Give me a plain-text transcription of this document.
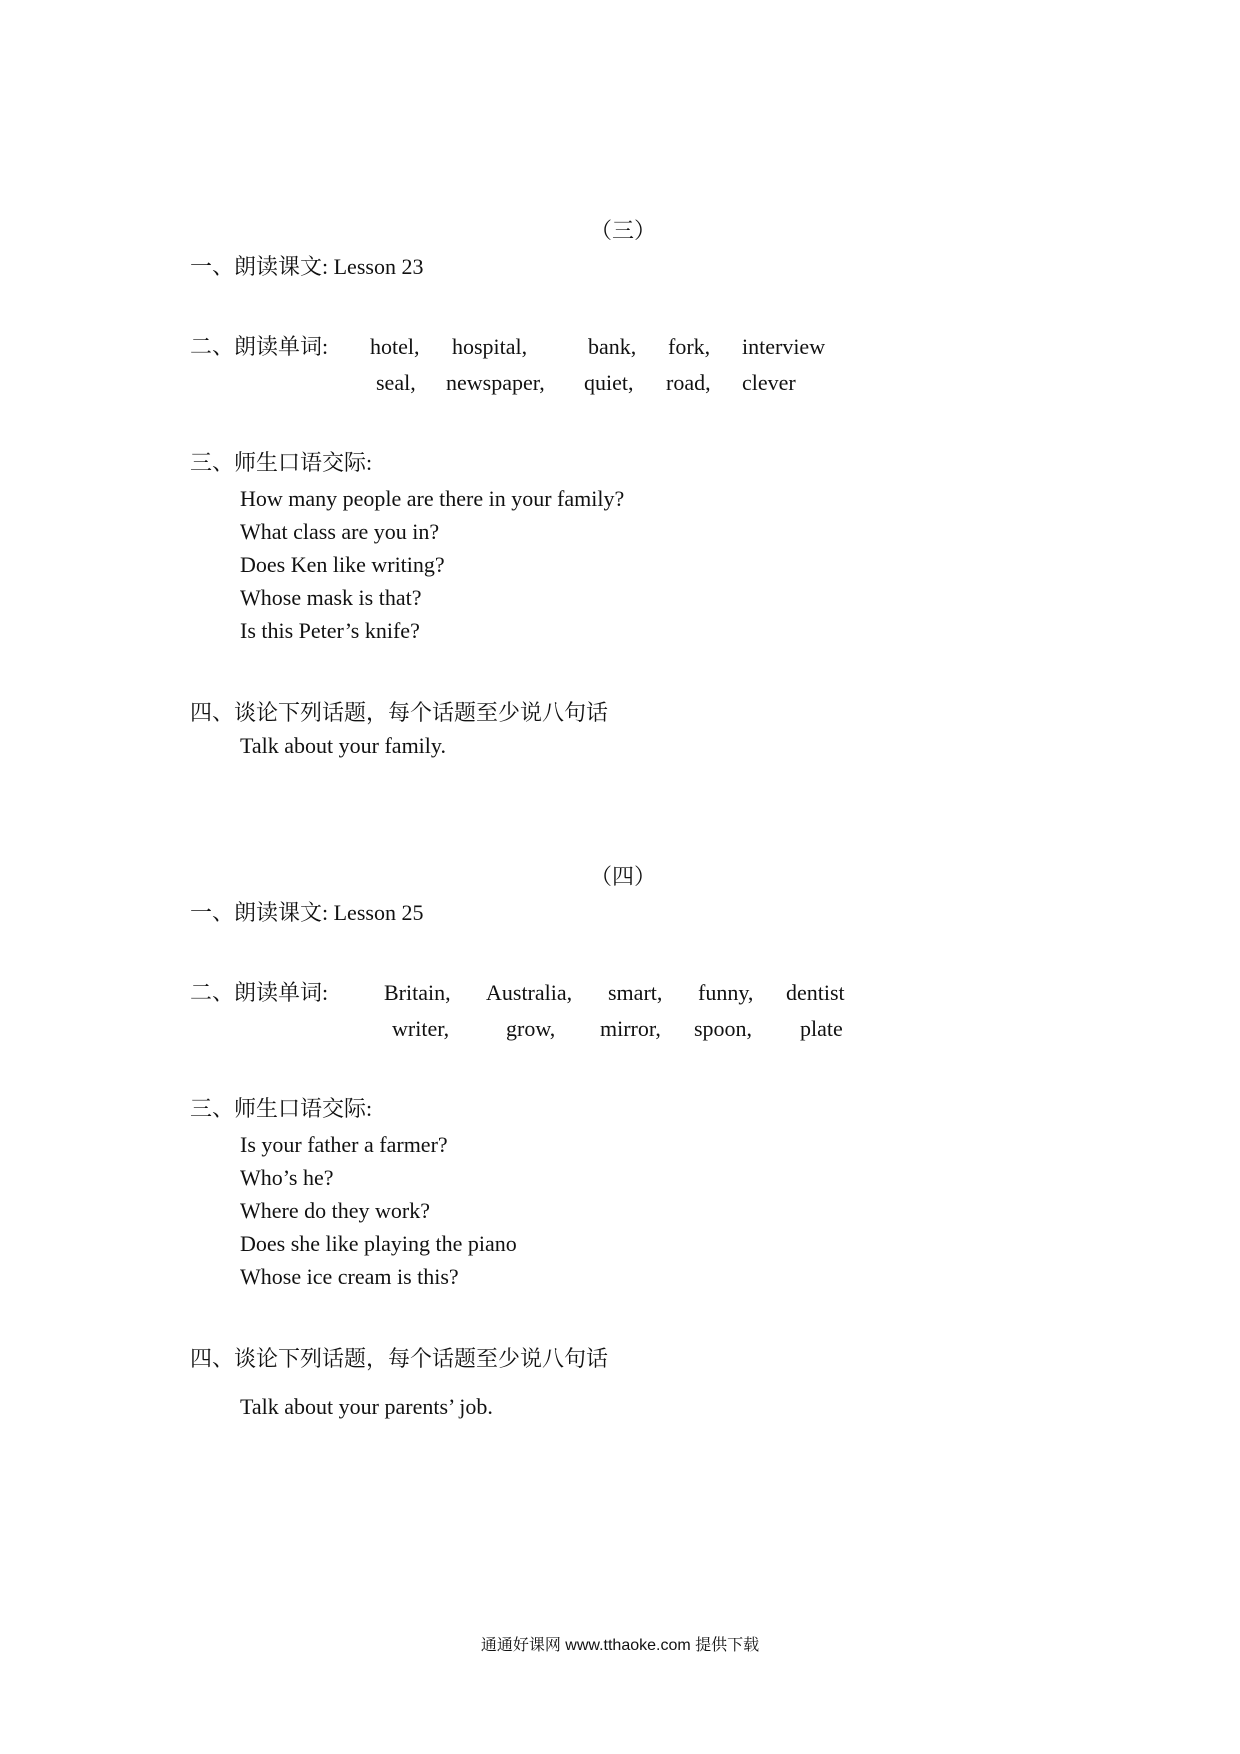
（三）
一、朗读课文: Lesson 23
二、朗读单词: hotel, hospital,	bank, fork, interview
seal, newspaper, quiet, road, clever
三、师生口语交际:
How many people are there in your family?
What class are you in?
Does Ken like writing?
Whose mask is that?
Is this Peter’s knife?
四、谈论下列话题，每个话题至少说八句话
Talk about your family.
（四）
一、朗读课文: Lesson 25
二、朗读单词:	Britain, Australia, smart, funny, dentist
writer,	grow, mirror, spoon, plate
三、师生口语交际:
Is your father a farmer?
Who’s he?
Where do they work?
Does she like playing the piano
Whose ice cream is this?
四、谈论下列话题，每个话题至少说八句话
Talk about your parents’ job.
通通好课网 www.tthaoke.com 提供下载
